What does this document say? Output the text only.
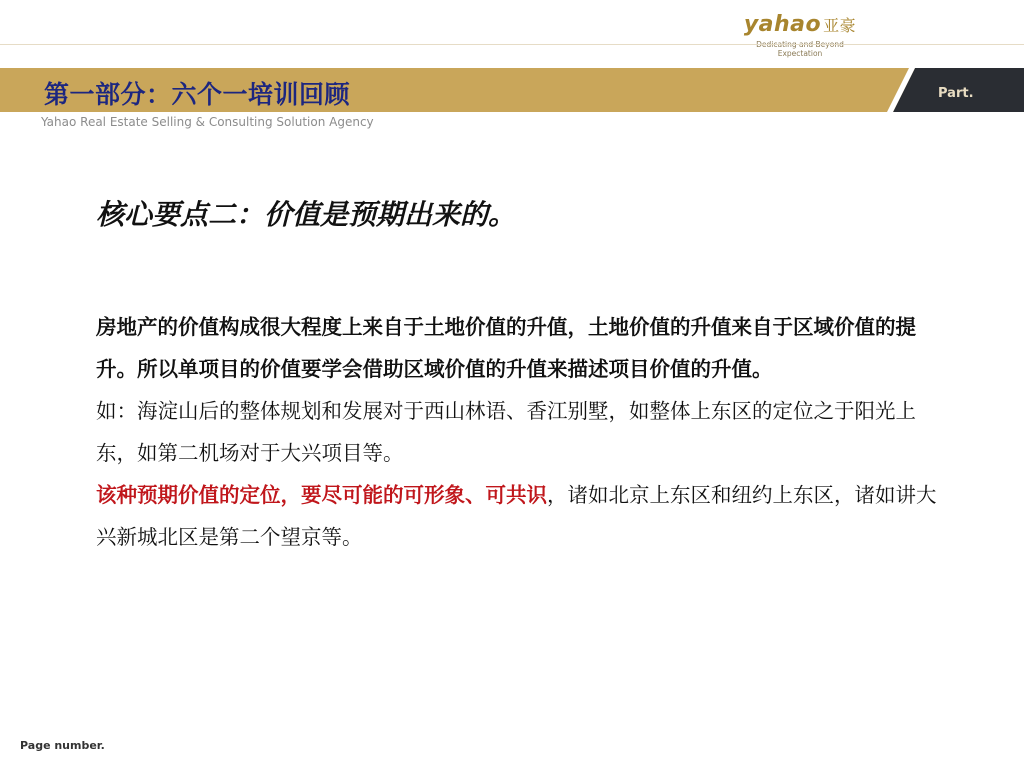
yahao 亚豪
Expectation
Part.
第一部分：六个一培训回顾
Yahao Real Estate Selling & Consulting Solution Agency
核心要点二：价值是预期出来的。

房地产的价值构成很大程度上来自于土地价值的升值，土地价值的升值来自于区域价值的提升。所以单项目的价值要学会借助区域价值的升值来描述项目价值的升值。

如：海淀山后的整体规划和发展对于西山林语、香江别墅，如整体上东区的定位之于阳光上东，如第二机场对于大兴项目等。

该种预期价值的定位，要尽可能的可形象、可共识，诸如北京上东区和纽约上东区，诸如讲大兴新城北区是第二个望京等。

Page number.
